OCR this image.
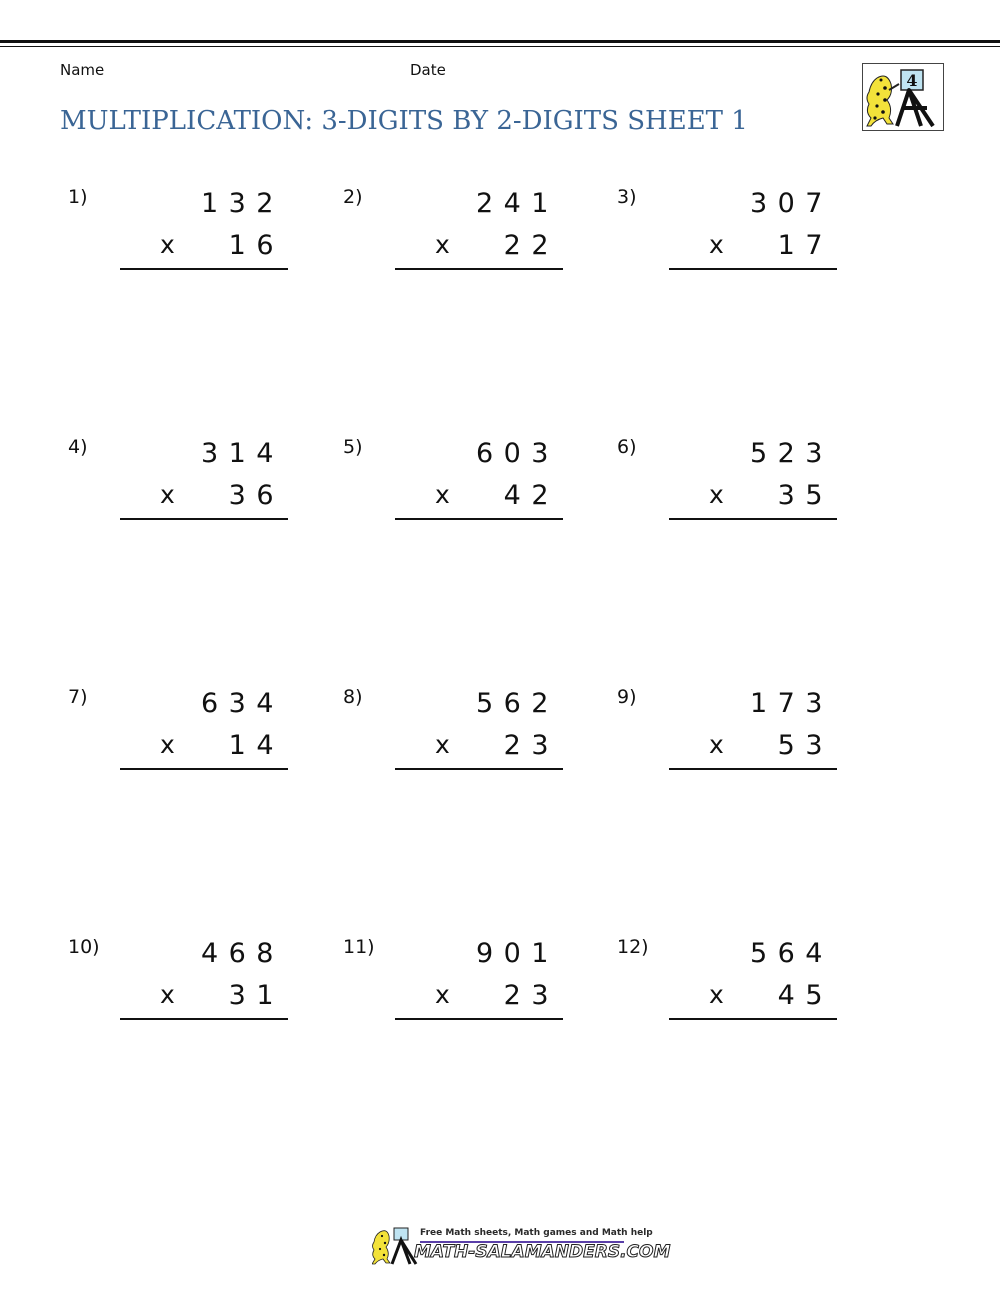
Name	Date
MULTIPLICATION: 3-DIGITS BY 2-DIGITS SHEET 1
4
1)	132
x 16
2)	241
x 22
3)	307
x 17
4)	314
x 36
5)	603
x 42
6)	523
x 35
7)	634
x 14
8)	562
x 23
9)	173
x 53
10)	468
x 31
11)	901
x 23
12)	564
x 45
Free Math sheets, Math games and Math help
MATH-SALAMANDERS.COM
